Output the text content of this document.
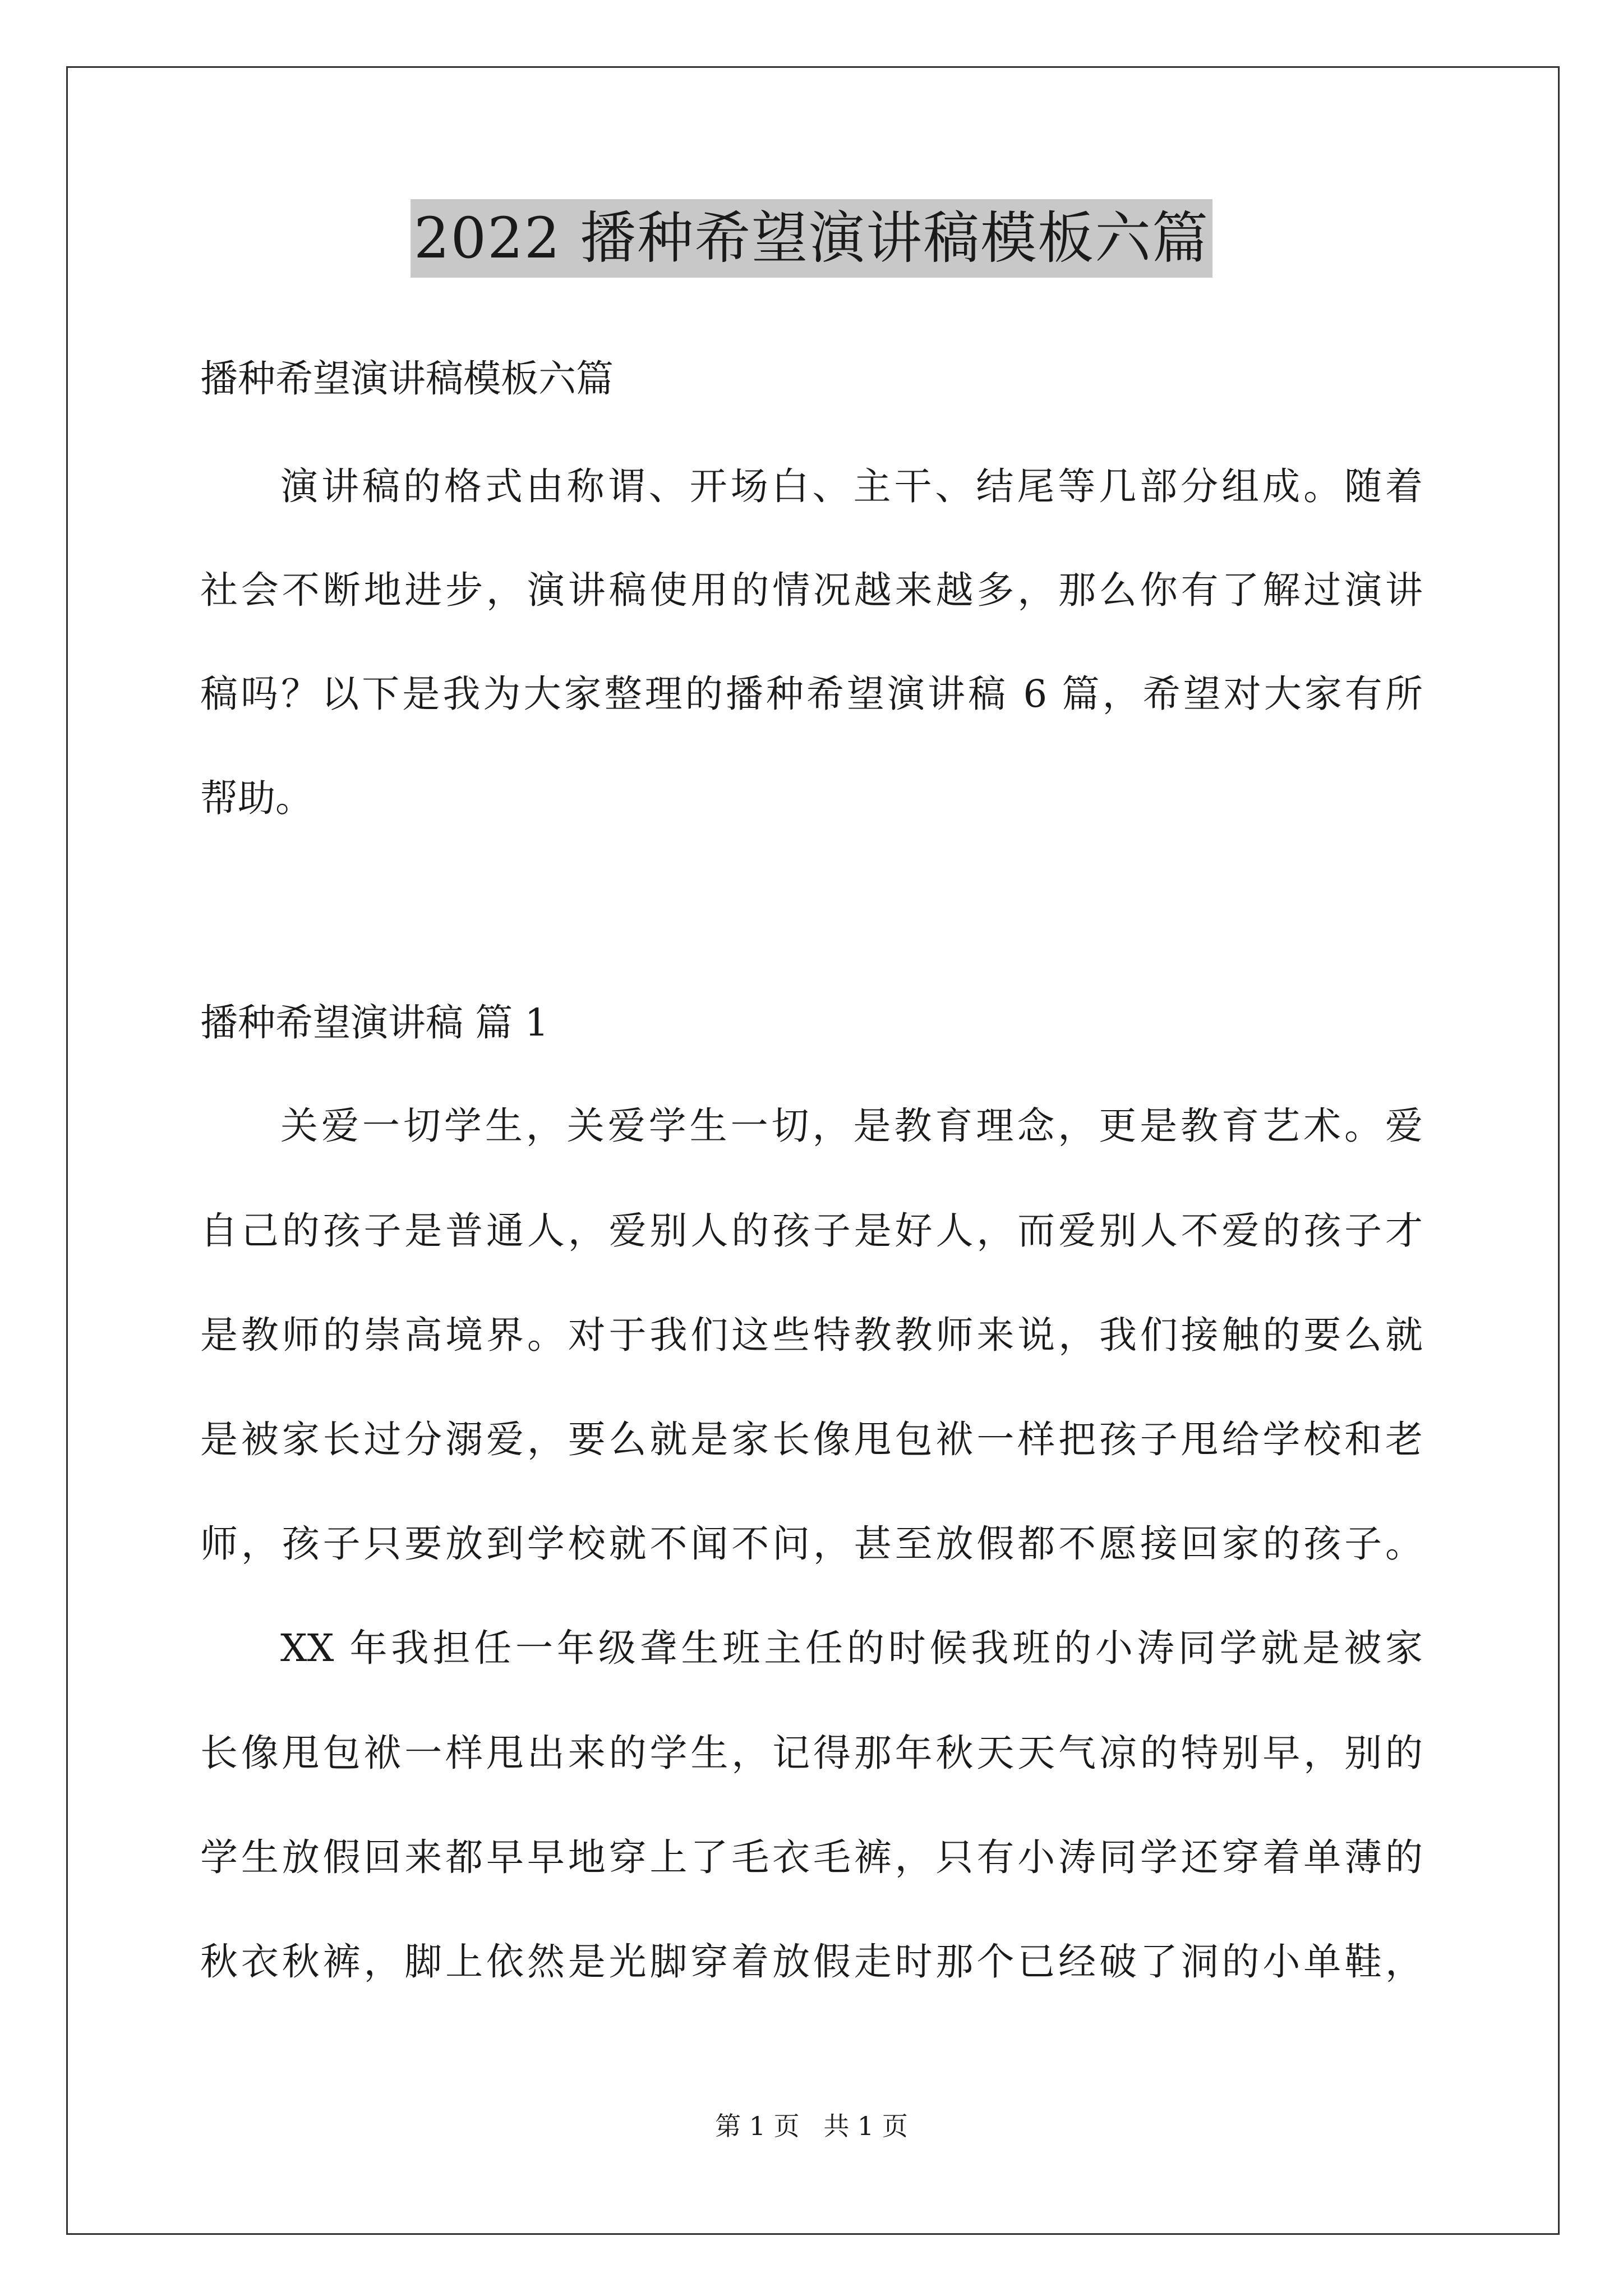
2022 播种希望演讲稿模板六篇
播种希望演讲稿模板六篇
演讲稿的格式由称谓、开场白、主干、结尾等几部分组成。随着
社会不断地进步，演讲稿使用的情况越来越多，那么你有了解过演讲
稿吗？以下是我为大家整理的播种希望演讲稿 6 篇，希望对大家有所
帮助。
播种希望演讲稿 篇 1
关爱一切学生，关爱学生一切，是教育理念，更是教育艺术。爱
自己的孩子是普通人，爱别人的孩子是好人，而爱别人不爱的孩子才
是教师的崇高境界。对于我们这些特教教师来说，我们接触的要么就
是被家长过分溺爱，要么就是家长像甩包袱一样把孩子甩给学校和老
师，孩子只要放到学校就不闻不问，甚至放假都不愿接回家的孩子。
XX 年我担任一年级聋生班主任的时候我班的小涛同学就是被家
长像甩包袱一样甩出来的学生，记得那年秋天天气凉的特别早，别的
学生放假回来都早早地穿上了毛衣毛裤，只有小涛同学还穿着单薄的
秋衣秋裤，脚上依然是光脚穿着放假走时那个已经破了洞的小单鞋，
第 1 页 共 1 页
